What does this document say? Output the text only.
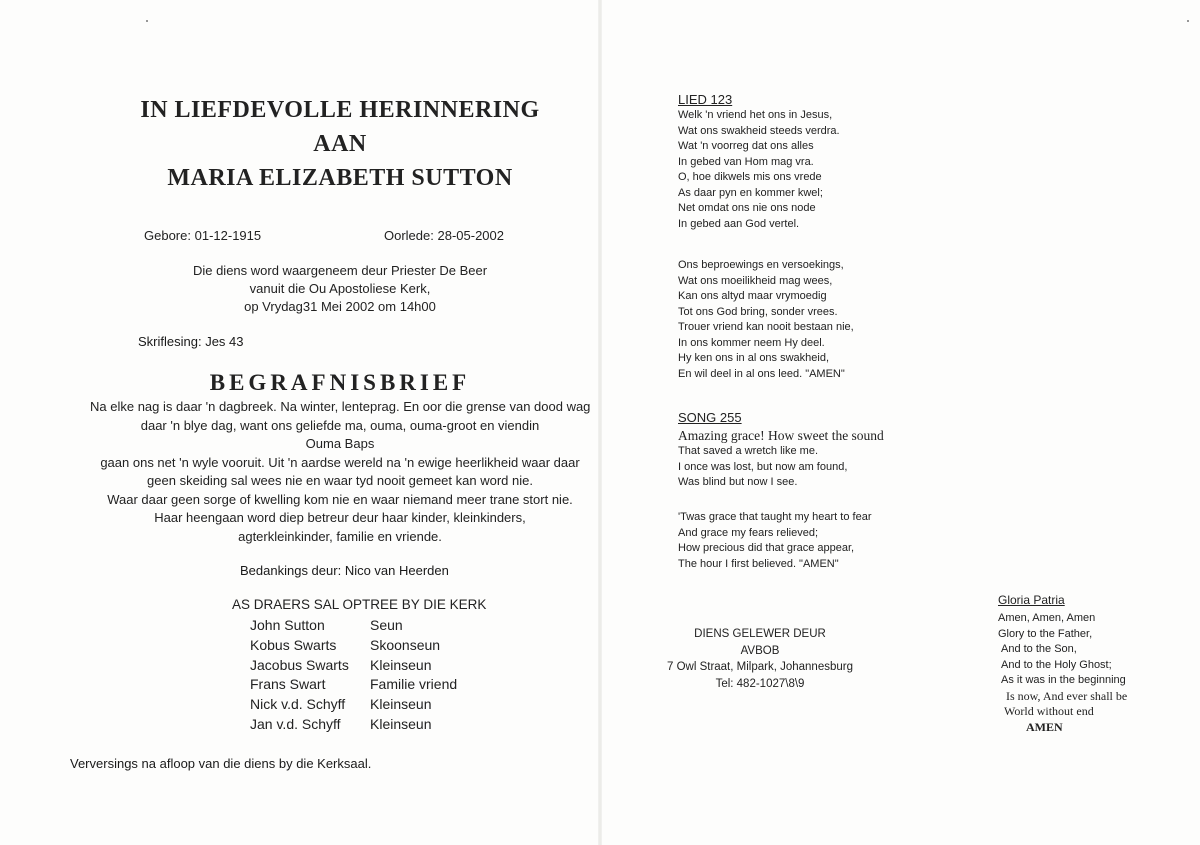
IN LIEFDEVOLLE HERINNERING
AAN
MARIA ELIZABETH SUTTON
Gebore: 01-12-1915	Oorlede: 28-05-2002
Die diens word waargeneem deur Priester De Beer
vanuit die Ou Apostoliese Kerk,
op Vrydag31 Mei 2002 om 14h00
Skriflesing: Jes 43
BEGRAFNISBRIEF
Na elke nag is daar 'n dagbreek. Na winter, lenteprag. En oor die grense van dood wag
daar 'n blye dag, want ons geliefde ma, ouma, ouma-groot en viendin
Ouma Baps
gaan ons net 'n wyle vooruit. Uit 'n aardse wereld na 'n ewige heerlikheid waar daar
geen skeiding sal wees nie en waar tyd nooit gemeet kan word nie.
Waar daar geen sorge of kwelling kom nie en waar niemand meer trane stort nie.
Haar heengaan word diep betreur deur haar kinder, kleinkinders,
agterkleinkinder, familie en vriende.
Bedankings deur: Nico van Heerden
AS DRAERS SAL OPTREE BY DIE KERK
John Sutton	Seun
Kobus Swarts Skoonseun
Jacobus Swarts Kleinseun
Frans Swart	Familie vriend
Nick v.d. Schyff Kleinseun
Jan v.d. Schyff Kleinseun
Verversings na afloop van die diens by die Kerksaal.
LIED 123
Welk 'n vriend het ons in Jesus,
Wat ons swakheid steeds verdra.
Wat 'n voorreg dat ons alles
In gebed van Hom mag vra.
O, hoe dikwels mis ons vrede
As daar pyn en kommer kwel;
Net omdat ons nie ons node
In gebed aan God vertel.
Ons beproewings en versoekings,
Wat ons moeilikheid mag wees,
Kan ons altyd maar vrymoedig
Tot ons God bring, sonder vrees.
Trouer vriend kan nooit bestaan nie,
In ons kommer neem Hy deel.
Hy ken ons in al ons swakheid,
En wil deel in al ons leed. "AMEN"
SONG 255
Amazing grace! How sweet the sound
That saved a wretch like me.
I once was lost, but now am found,
Was blind but now I see.
'Twas grace that taught my heart to fear
And grace my fears relieved;
How precious did that grace appear,
The hour I first believed. "AMEN"
DIENS GELEWER DEUR
AVBOB
7 Owl Straat, Milpark, Johannesburg
Tel: 482-1027\8\9
Gloria Patria
Amen, Amen, Amen
Glory to the Father,
And to the Son,
And to the Holy Ghost;
As it was in the beginning
Is now, And ever shall be
World without end
AMEN
